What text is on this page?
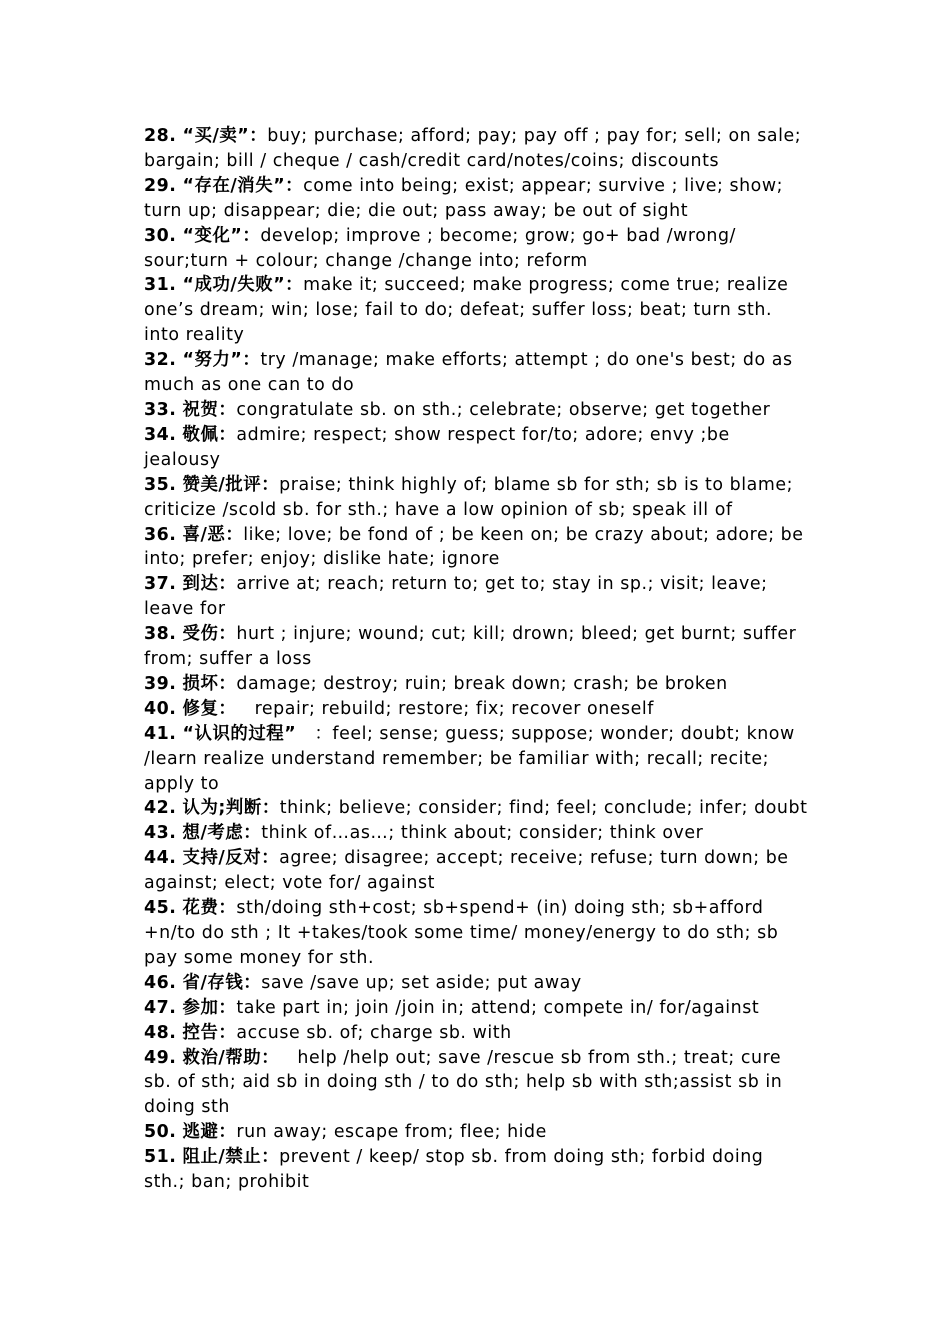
28. “买/卖”：buy; purchase; afford; pay; pay off ; pay for; sell; on sale; bargain; bill / cheque / cash/credit card/notes/coins; discounts

29. “存在/消失”：come into being; exist; appear; survive ; live; show; turn up; disappear; die; die out; pass away; be out of sight

30. “变化”：develop; improve ; become; grow; go+ bad /wrong/ sour;turn + colour; change /change into; reform

31. “成功/失败”：make it; succeed; make progress; come true; realize one’s dream; win; lose; fail to do; defeat; suffer loss; beat; turn sth. into reality

32. “努力”：try /manage; make efforts; attempt ; do one's best; do as much as one can to do

33. 祝贺：congratulate sb. on sth.; celebrate; observe; get together

34. 敬佩：admire; respect; show respect for/to; adore; envy ;be jealousy

35. 赞美/批评：praise; think highly of; blame sb for sth; sb is to blame; criticize /scold sb. for sth.; have a low opinion of sb; speak ill of

36. 喜/恶：like; love; be fond of ; be keen on; be crazy about; adore; be into; prefer; enjoy; dislike hate; ignore

37. 到达：arrive at; reach; return to; get to; stay in sp.; visit; leave; leave for

38. 受伤：hurt ; injure; wound; cut; kill; drown; bleed; get burnt; suffer from; suffer a loss

39. 损坏：damage; destroy; ruin; break down; crash; be broken

40. 修复：   repair; rebuild; restore; fix; recover oneself

41. “认识的过程”   ：feel; sense; guess; suppose; wonder; doubt; know /learn realize understand remember; be familiar with; recall; recite; apply to

42. 认为;判断：think; believe; consider; find; feel; conclude; infer; doubt

43. 想/考虑：think of…as…; think about; consider; think over

44. 支持/反对：agree; disagree; accept; receive; refuse; turn down; be against; elect; vote for/ against

45. 花费：sth/doing sth+cost; sb+spend+ (in) doing sth; sb+afford +n/to do sth ; It +takes/took some time/ money/energy to do sth; sb pay some money for sth.

46. 省/存钱：save /save up; set aside; put away

47. 参加：take part in; join /join in; attend; compete in/ for/against

48. 控告：accuse sb. of; charge sb. with

49. 救治/帮助：   help /help out; save /rescue sb from sth.; treat; cure sb. of sth; aid sb in doing sth / to do sth; help sb with sth;assist sb in doing sth

50. 逃避：run away; escape from; flee; hide

51. 阻止/禁止：prevent / keep/ stop sb. from doing sth; forbid doing sth.; ban; prohibit
